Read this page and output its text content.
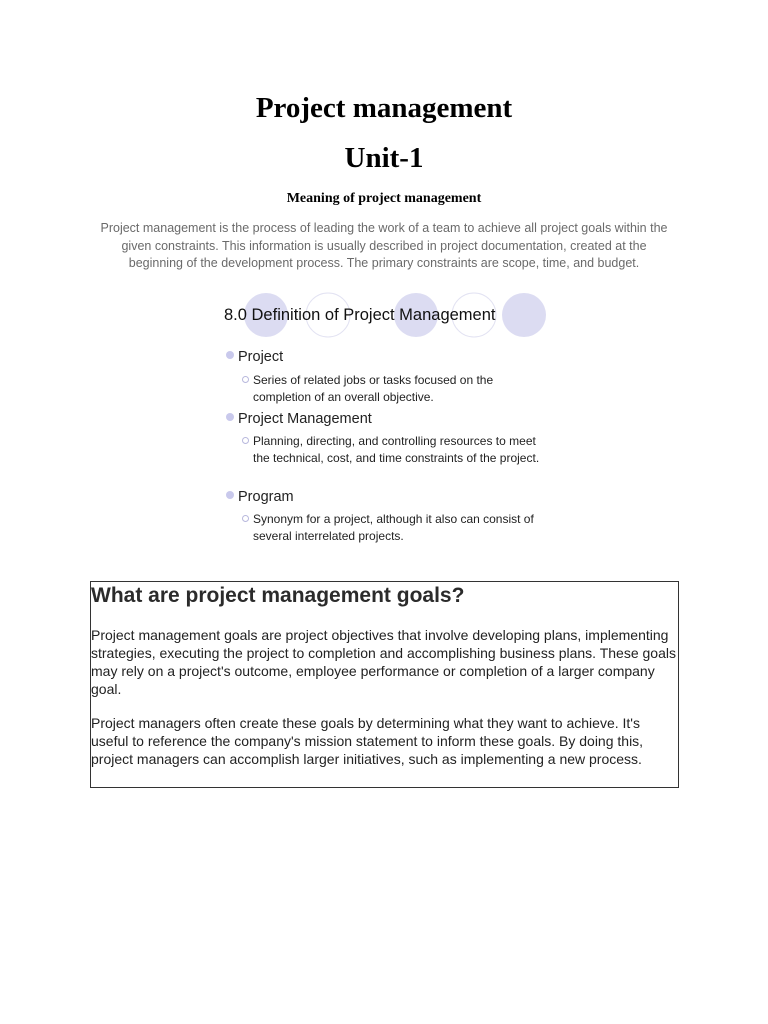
Project management
Unit-1
Meaning of project management

Project management is the process of leading the work of a team to achieve all project goals within the given constraints. This information is usually described in project documentation, created at the beginning of the development process. The primary constraints are scope, time, and budget.

8.0 Definition of Project Management
Project
Series of related jobs or tasks focused on the completion of an overall objective.
Project Management
Planning, directing, and controlling resources to meet the technical, cost, and time constraints of the project.
Program
Synonym for a project, although it also can consist of several interrelated projects.
What are project management goals?

Project management goals are project objectives that involve developing plans, implementing strategies, executing the project to completion and accomplishing business plans. These goals may rely on a project's outcome, employee performance or completion of a larger company goal.

Project managers often create these goals by determining what they want to achieve. It's useful to reference the company's mission statement to inform these goals. By doing this, project managers can accomplish larger initiatives, such as implementing a new process.
